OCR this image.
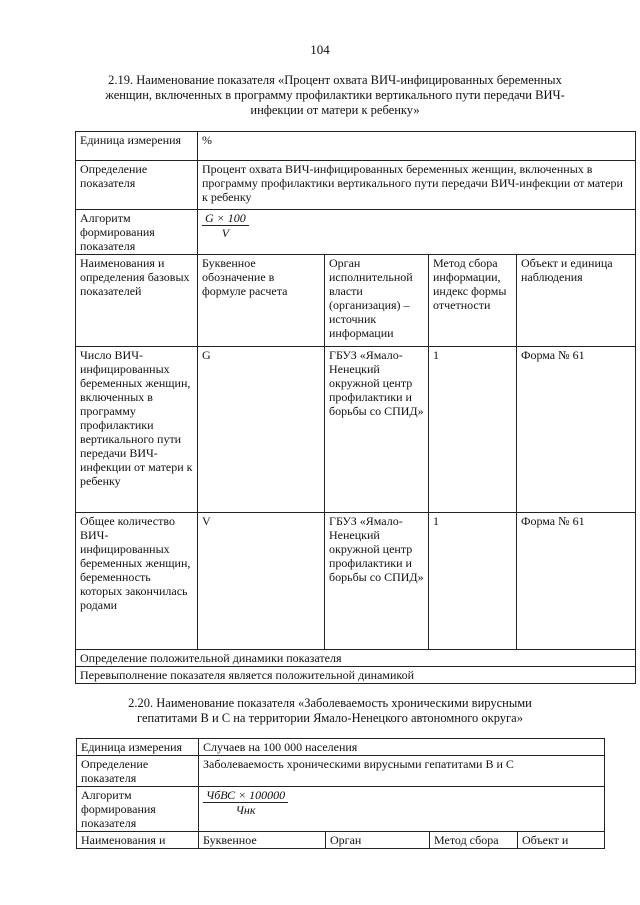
104
2.19. Наименование показателя «Процент охвата ВИЧ-инфицированных беременных женщин, включенных в программу профилактики вертикального пути передачи ВИЧ-инфекции от матери к ребенку»
Единица измерения	%			
Определение показателя	Процент охвата ВИЧ-инфицированных беременных женщин, включенных в программу профилактики вертикального пути передачи ВИЧ-инфекции от матери к ребенку			
Алгоритм формирования показателя	$\frac{G \times 100}{V}$

Наименования и определения базовых показателей	Буквенное обозначение в формуле расчета	Орган исполнительной власти (организация) – источник информации	Метод сбора информации, индекс формы отчетности	Объект и единица наблюдения
Число ВИЧ-инфицированных беременных женщин, включенных в программу профилактики вертикального пути передачи ВИЧ-инфекции от матери к ребенку	G	ГБУЗ «Ямало-Ненецкий окружной центр профилактики и борьбы со СПИД»	1	Форма № 61
Общее количество ВИЧ-инфицированных беременных женщин, беременность которых закончилась родами	V	ГБУЗ «Ямало-Ненецкий окружной центр профилактики и борьбы со СПИД»	1	Форма № 61
Определение положительной динамики показателя				
Перевыполнение показателя является положительной динамикой				
2.20. Наименование показателя «Заболеваемость хроническими вирусными гепатитами В и С на территории Ямало-Ненецкого автономного округа»
Единица измерения	Случаев на 100 000 населения			
Определение показателя	Заболеваемость хроническими вирусными гепатитами В и С			
Алгоритм формирования показателя	$\frac{\text{ЧбВС × 100000}}{\text{Чнк}}$

Наименования и	Буквенное	Орган	Метод сбора	Объект и
